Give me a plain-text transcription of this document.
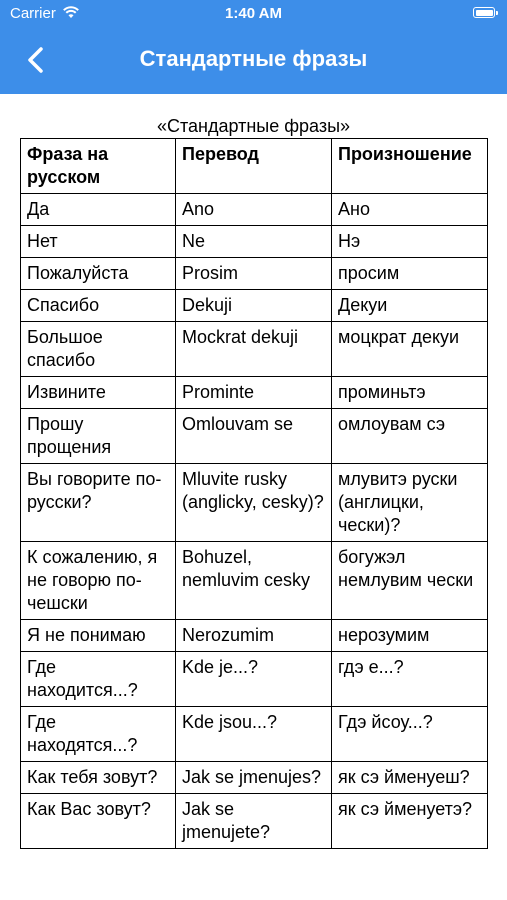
Carrier	1:40 AM
Стандартные фразы
«Стандартные фразы»
Фраза на русском	Перевод	Произношение
Да	Ano	Ано
Нет	Ne	Нэ
Пожалуйста	Prosim	просим
Спасибо	Dekuji	Декуи
Большое спасибо	Mockrat dekuji	моцкрат декуи
Извините	Prominte	проминьтэ
Прошу прощения	Omlouvam se	омлоувам сэ
Вы говорите по-русски?	Mluvite rusky (anglicky, cesky)?	млувитэ руски (англицки, чески)?
К сожалению, я не говорю по-чешски	Bohuzel, nemluvim cesky	богужэл немлувим чески
Я не понимаю	Nerozumim	нерозумим
Где находится...?	Kde je...?	гдэ е...?
Где находятся...?	Kde jsou...?	Гдэ йсоу...?
Как тебя зовут?	Jak se jmenujes?	як сэ йменуеш?
Как Вас зовут?	Jak se jmenujete?	як сэ йменуетэ?
